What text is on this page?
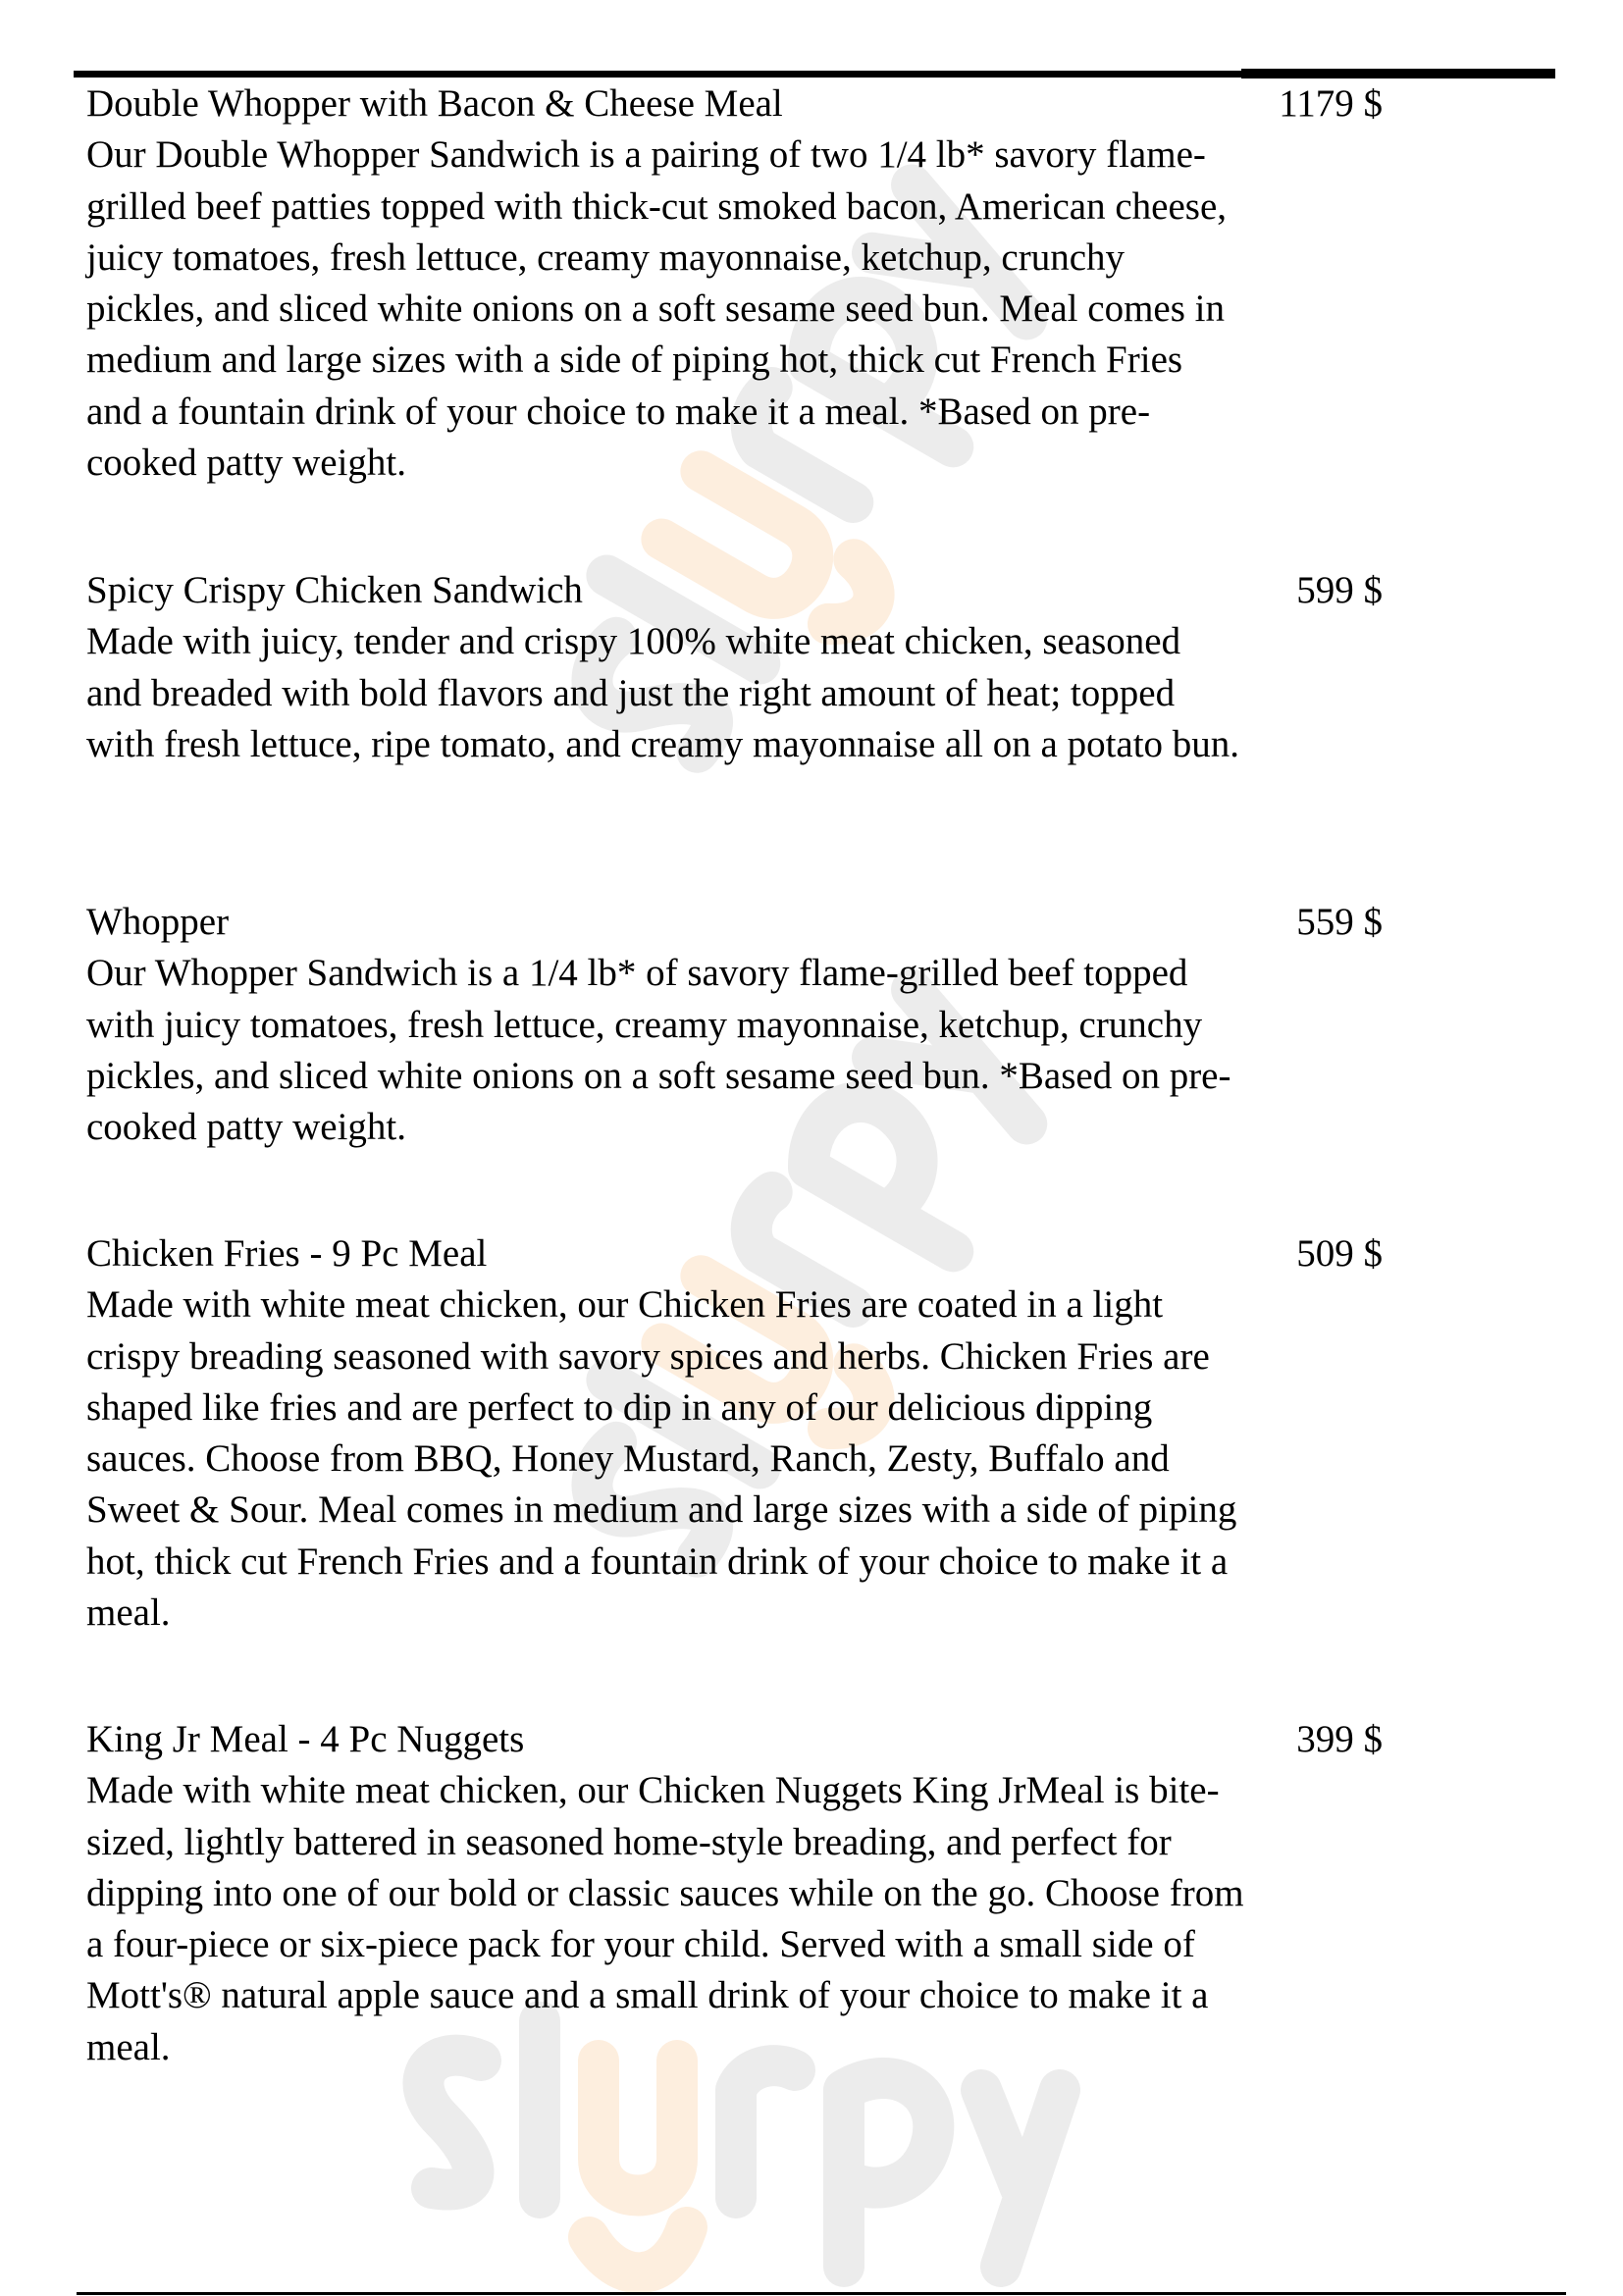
Double Whopper with Bacon & Cheese Meal
Our Double Whopper Sandwich is a pairing of two 1/4 lb* savory flame-grilled beef patties topped with thick-cut smoked bacon, American cheese, juicy tomatoes, fresh lettuce, creamy mayonnaise, ketchup, crunchy pickles, and sliced white onions on a soft sesame seed bun. Meal comes in medium and large sizes with a side of piping hot, thick cut French Fries and a fountain drink of your choice to make it a meal. *Based on pre-cooked patty weight.
1179 $
Spicy Crispy Chicken Sandwich
Made with juicy, tender and crispy 100% white meat chicken, seasoned and breaded with bold flavors and just the right amount of heat; topped with fresh lettuce, ripe tomato, and creamy mayonnaise all on a potato bun.
599 $
Whopper
Our Whopper Sandwich is a 1/4 lb* of savory flame-grilled beef topped with juicy tomatoes, fresh lettuce, creamy mayonnaise, ketchup, crunchy pickles, and sliced white onions on a soft sesame seed bun. *Based on pre-cooked patty weight.
559 $
Chicken Fries - 9 Pc Meal
Made with white meat chicken, our Chicken Fries are coated in a light crispy breading seasoned with savory spices and herbs. Chicken Fries are shaped like fries and are perfect to dip in any of our delicious dipping sauces. Choose from BBQ, Honey Mustard, Ranch, Zesty, Buffalo and Sweet & Sour. Meal comes in medium and large sizes with a side of piping hot, thick cut French Fries and a fountain drink of your choice to make it a meal.
509 $
King Jr Meal - 4 Pc Nuggets
Made with white meat chicken, our Chicken Nuggets King JrMeal is bite-sized, lightly battered in seasoned home-style breading, and perfect for dipping into one of our bold or classic sauces while on the go. Choose from a four-piece or six-piece pack for your child. Served with a small side of Mott's® natural apple sauce and a small drink of your choice to make it a meal.
399 $
